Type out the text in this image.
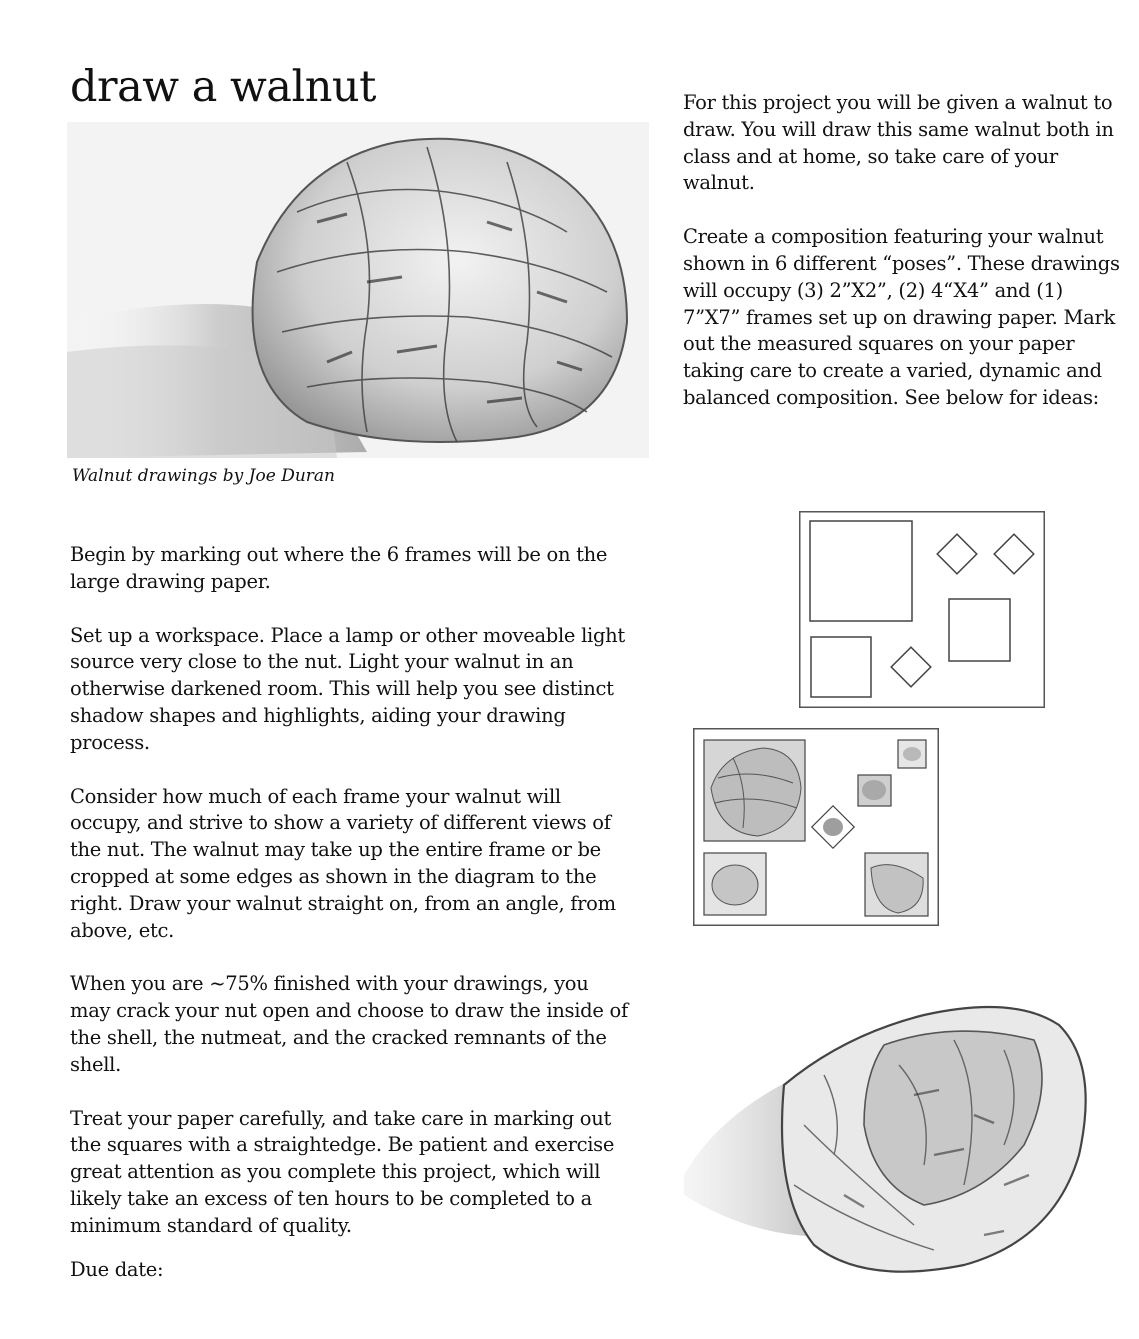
draw a walnut
Walnut drawings by Joe Duran

For this project you will be given a walnut to draw. You will draw this same walnut both in class and at home, so take care of your walnut.

Create a composition featuring your walnut shown in 6 different “poses”. These drawings will occupy (3) 2”X2”, (2) 4“X4” and (1) 7”X7” frames set up on drawing paper. Mark out the measured squares on your paper taking care to create a varied, dynamic and balanced composition. See below for ideas:

Begin by marking out where the 6 frames will be on the large drawing paper.

Set up a workspace. Place a lamp or other moveable light source very close to the nut. Light your walnut in an otherwise darkened room. This will help you see distinct shadow shapes and highlights, aiding your drawing process.

Consider how much of each frame your walnut will occupy, and strive to show a variety of different views of the nut. The walnut may take up the entire frame or be cropped at some edges as shown in the diagram to the right. Draw your walnut straight on, from an angle, from above, etc.

When you are ~75% finished with your drawings, you may crack your nut open and choose to draw the inside of the shell, the nutmeat, and the cracked remnants of the shell.

Treat your paper carefully, and take care in marking out the squares with a straightedge. Be patient and exercise great attention as you complete this project, which will likely take an excess of ten hours to be completed to a minimum standard of quality.

Due date:
